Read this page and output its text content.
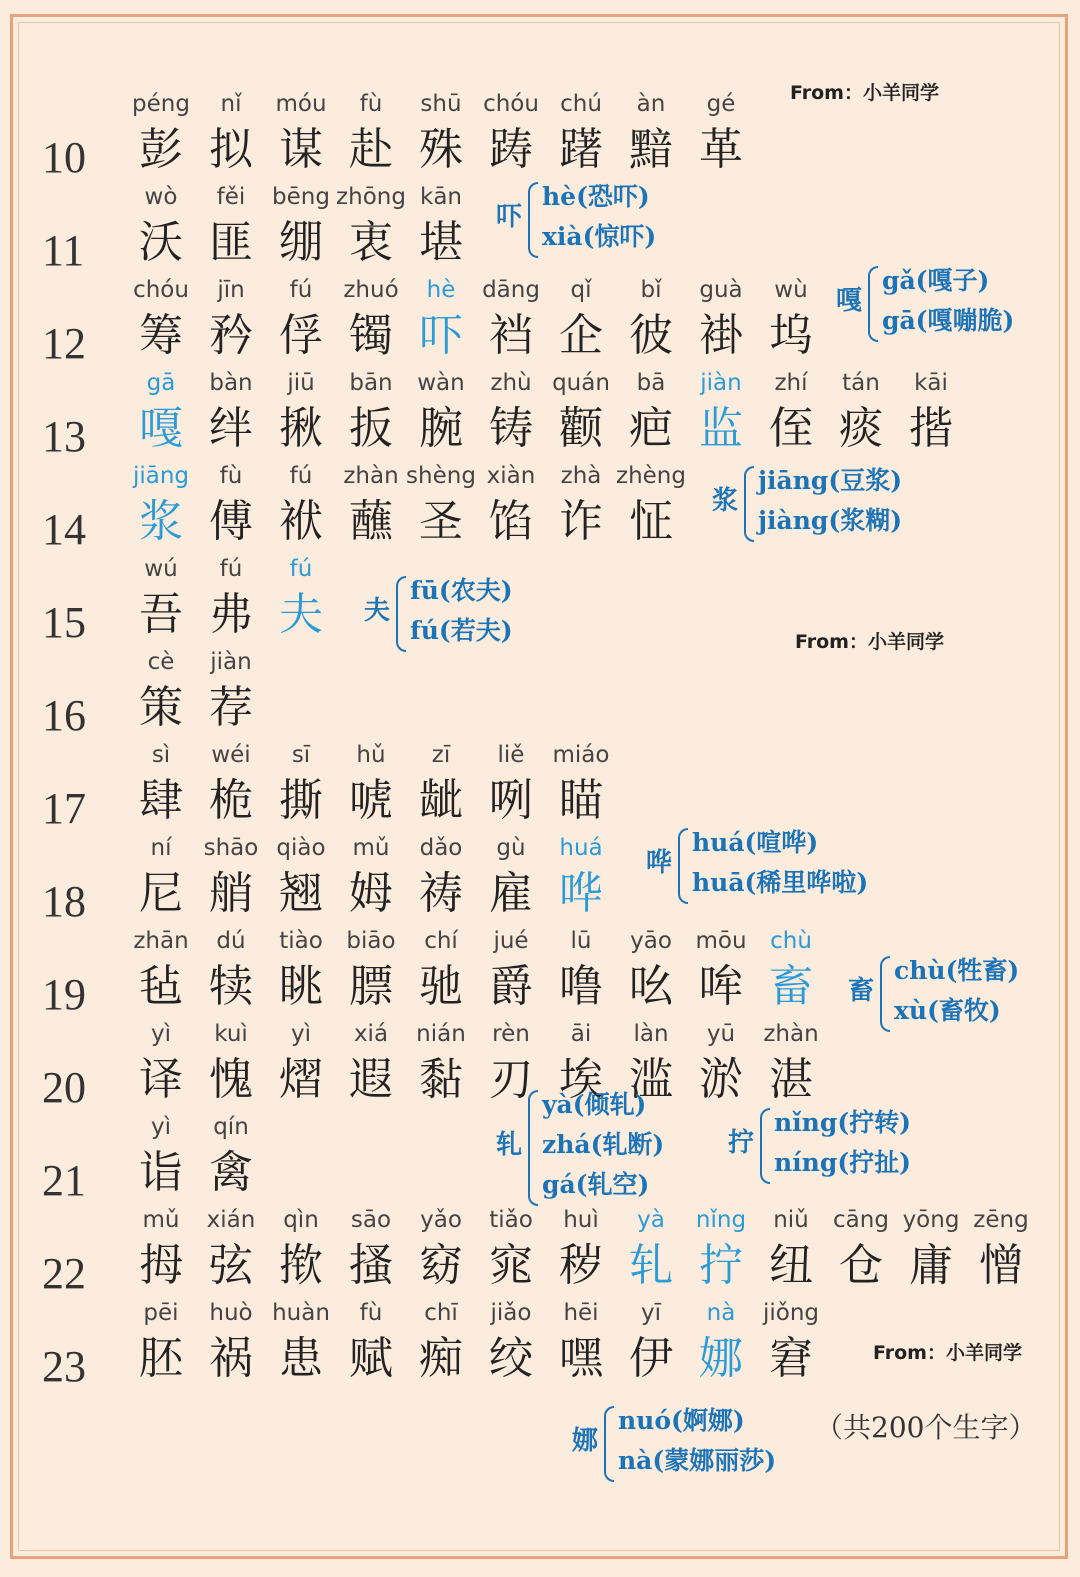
10
péng
彭
nǐ
拟
móu
谋
fù
赴
shū
殊
chóu
踌
chú
躇
àn
黯
gé
革
11
wò
沃
fěi
匪
bēng
绷
zhōng
衷
kān
堪
12
chóu
筹
jīn
矜
fú
俘
zhuó
镯
hè
吓
dāng
裆
qǐ
企
bǐ
彼
guà
褂
wù
坞
13
gā
嘎
bàn
绊
jiū
揪
bān
扳
wàn
腕
zhù
铸
quán
颧
bā
疤
jiàn
监
zhí
侄
tán
痰
kāi
揩
14
jiāng
浆
fù
傅
fú
袱
zhàn
蘸
shèng
圣
xiàn
馅
zhà
诈
zhèng
怔
15
wú
吾
fú
弗
fú
夫
16
cè
策
jiàn
荐
17
sì
肆
wéi
桅
sī
撕
hǔ
唬
zī
龇
liě
咧
miáo
瞄
18
ní
尼
shāo
艄
qiào
翘
mǔ
姆
dǎo
祷
gù
雇
huá
哗
19
zhān
毡
dú
犊
tiào
眺
biāo
膘
chí
驰
jué
爵
lū
噜
yāo
吆
mōu
哞
chù
畜
20
yì
译
kuì
愧
yì
熠
xiá
遐
nián
黏
rèn
刃
āi
埃
làn
滥
yū
淤
zhàn
湛
21
yì
诣
qín
禽
22
mǔ
拇
xián
弦
qìn
揿
sāo
搔
yǎo
窈
tiǎo
窕
huì
秽
yà
轧
nǐng
拧
niǔ
纽
cāng
仓
yōng
庸
zēng
憎
23
pēi
胚
huò
祸
huàn
患
fù
赋
chī
痴
jiǎo
绞
hēi
嘿
yī
伊
nà
娜
jiǒng
窘
吓
hè(恐吓)
xià(惊吓)
嘎
gǎ(嘎子)
gā(嘎嘣脆)
浆
jiāng(豆浆)
jiàng(浆糊)
夫
fū(农夫)
fú(若夫)
哗
huá(喧哗)
huā(稀里哗啦)
畜
chù(牲畜)
xù(畜牧)
轧
yà(倾轧)
zhá(轧断)
gá(轧空)
拧
nǐng(拧转)
níng(拧扯)
娜
nuó(婀娜)
nà(蒙娜丽莎)
From：小羊同学
From：小羊同学
From：小羊同学
（共200个生字）
